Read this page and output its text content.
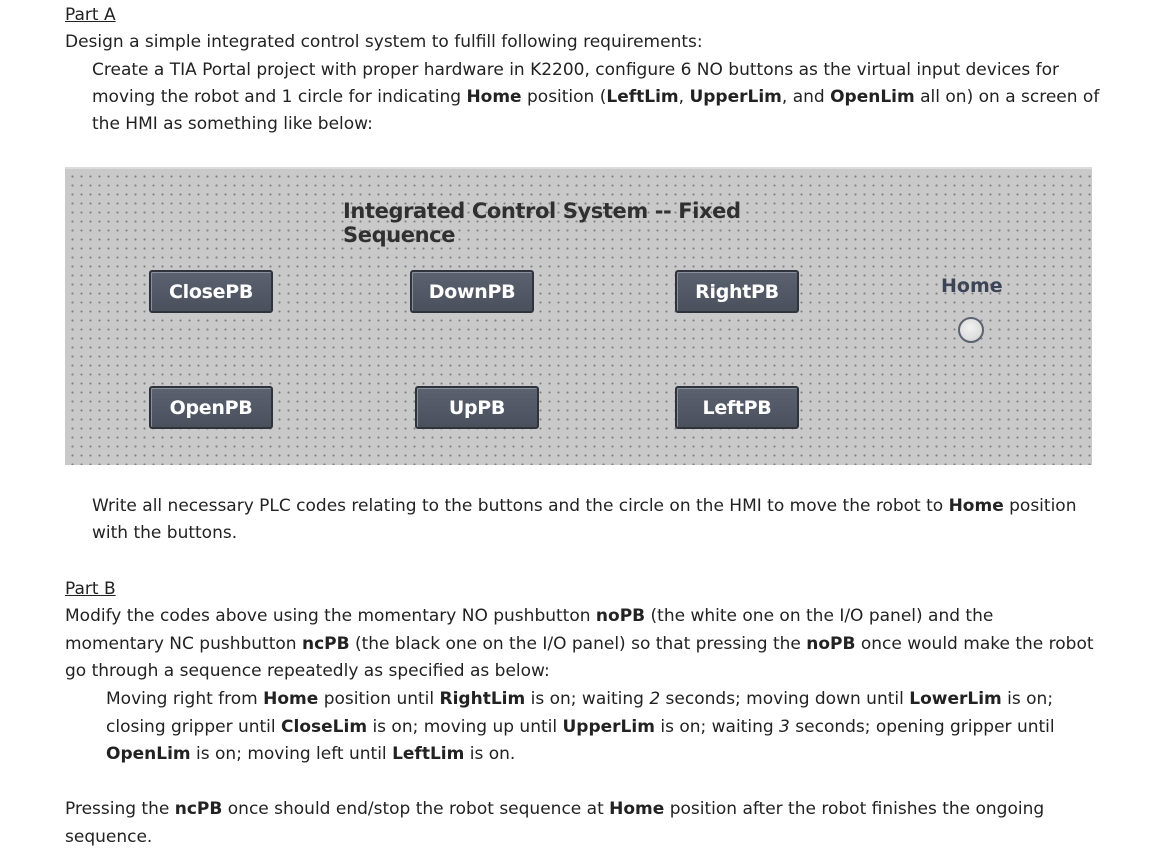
Part A
Design a simple integrated control system to fulfill following requirements:
Create a TIA Portal project with proper hardware in K2200, configure 6 NO buttons as the virtual input devices for
moving the robot and 1 circle for indicating Home position (LeftLim, UpperLim, and OpenLim all on) on a screen of
the HMI as something like below:
Integrated Control System -- Fixed Sequence
ClosePB	DownPB	RightPB
OpenPB	UpPB	LeftPB
Home
Write all necessary PLC codes relating to the buttons and the circle on the HMI to move the robot to Home position
with the buttons.
Part B
Modify the codes above using the momentary NO pushbutton noPB (the white one on the I/O panel) and the
momentary NC pushbutton ncPB (the black one on the I/O panel) so that pressing the noPB once would make the robot
go through a sequence repeatedly as specified as below:
Moving right from Home position until RightLim is on; waiting 2 seconds; moving down until LowerLim is on;
closing gripper until CloseLim is on; moving up until UpperLim is on; waiting 3 seconds; opening gripper until
OpenLim is on; moving left until LeftLim is on.
Pressing the ncPB once should end/stop the robot sequence at Home position after the robot finishes the ongoing
sequence.
